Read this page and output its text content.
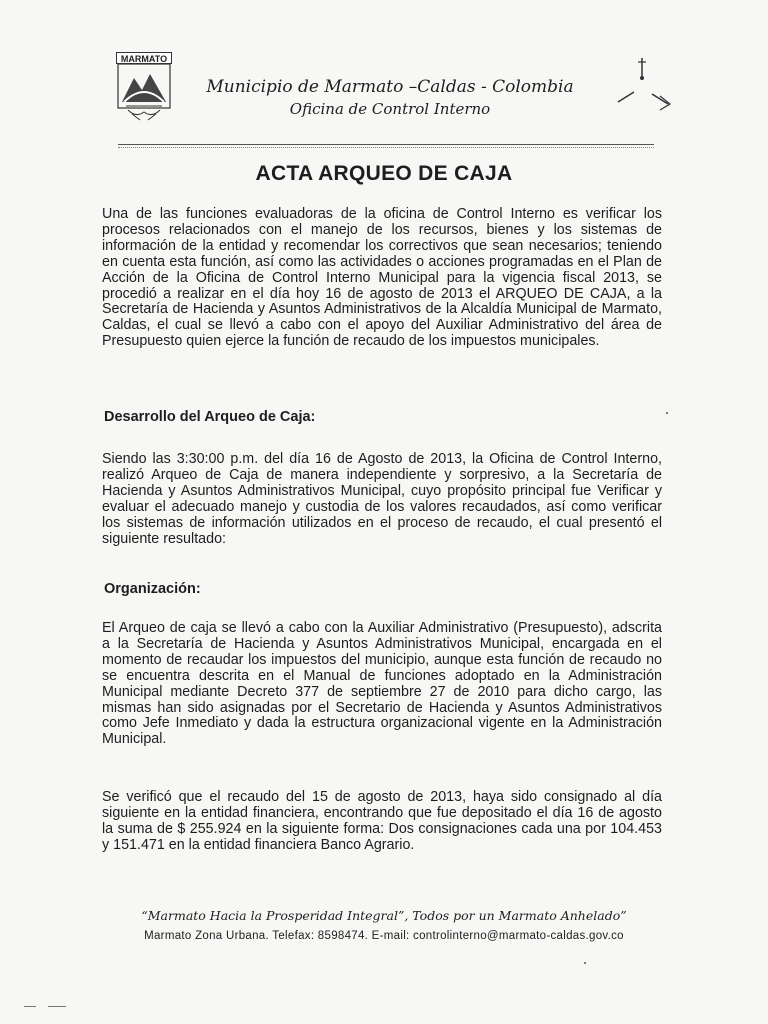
MARMATO
Municipio de Marmato –Caldas - Colombia
Oficina de Control Interno
ACTA ARQUEO DE CAJA
Una de las funciones evaluadoras de la oficina de Control Interno es verificar los procesos relacionados con el manejo de los recursos, bienes y los sistemas de información de la entidad y recomendar los correctivos que sean necesarios; teniendo en cuenta esta función, así como las actividades o acciones programadas en el Plan de Acción de la Oficina de Control Interno Municipal para la vigencia fiscal 2013, se procedió a realizar en el día hoy 16 de agosto de 2013 el ARQUEO DE CAJA, a la Secretaría de Hacienda y Asuntos Administrativos de la Alcaldía Municipal de Marmato, Caldas, el cual se llevó a cabo con el apoyo del Auxiliar Administrativo del área de Presupuesto quien ejerce la función de recaudo de los impuestos municipales.
Desarrollo del Arqueo de Caja:
Siendo las 3:30:00 p.m. del día 16 de Agosto de 2013, la Oficina de Control Interno, realizó Arqueo de Caja de manera independiente y sorpresivo, a la Secretaría de Hacienda y Asuntos Administrativos Municipal, cuyo propósito principal fue Verificar y evaluar el adecuado manejo y custodia de los valores recaudados, así como verificar los sistemas de información utilizados en el proceso de recaudo, el cual presentó el siguiente resultado:
Organización:
El Arqueo de caja se llevó a cabo con la Auxiliar Administrativo (Presupuesto), adscrita a la Secretaría de Hacienda y Asuntos Administrativos Municipal, encargada en el momento de recaudar los impuestos del municipio, aunque esta función de recaudo no se encuentra descrita en el Manual de funciones adoptado en la Administración Municipal mediante Decreto 377 de septiembre 27 de 2010 para dicho cargo, las mismas han sido asignadas por el Secretario de Hacienda y Asuntos Administrativos como Jefe Inmediato y dada la estructura organizacional vigente en la Administración Municipal.
Se verificó que el recaudo del 15 de agosto de 2013, haya sido consignado al día siguiente en la entidad financiera, encontrando que fue depositado el día 16 de agosto la suma de $ 255.924 en la siguiente forma: Dos consignaciones cada una por 104.453 y 151.471 en la entidad financiera Banco Agrario.
“Marmato Hacia la Prosperidad Integral”, Todos por un Marmato Anhelado”
Marmato Zona Urbana. Telefax: 8598474. E-mail: controlinterno@marmato-caldas.gov.co
